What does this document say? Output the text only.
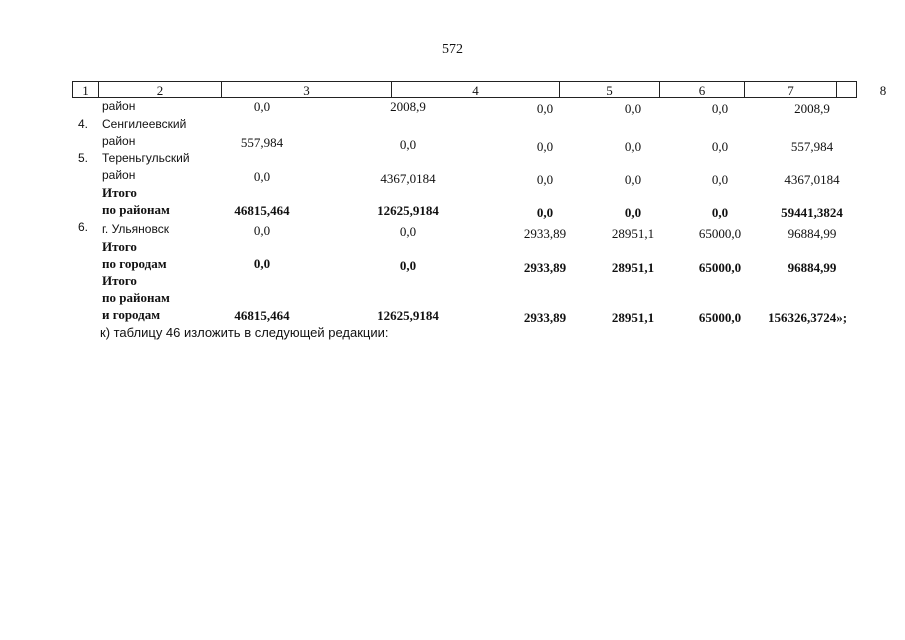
572
1	2	3	4	5	6	7	8
район	0,0	2008,9	0,0	0,0	0,0	2008,9
4. Сенгилеевский
район	557,984	0,0	0,0	0,0	0,0	557,984
5. Тереньгульский
район	0,0	4367,0184	0,0	0,0	0,0	4367,0184
Итого
по районам	46815,464	12625,9184	0,0	0,0	0,0	59441,3824
6. г. Ульяновск	0,0	0,0	2933,89	28951,1	65000,0	96884,99
Итого
по городам	0,0	0,0	2933,89	28951,1	65000,0	96884,99
Итого
по районам
и городам	46815,464	12625,9184	2933,89	28951,1	65000,0	156326,3724»;
к) таблицу 46 изложить в следующей редакции:
